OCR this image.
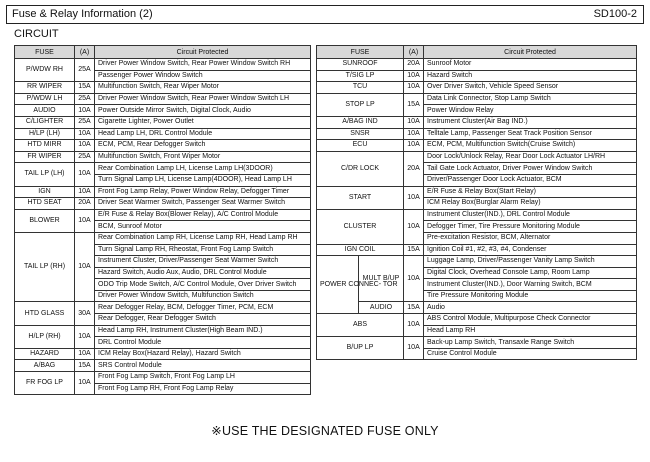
Fuse & Relay Information (2)	SD100-2
CIRCUIT
FUSE	(A)	Circuit Protected
P/WDW RH	25A	Driver Power Window Switch, Rear Power Window Switch RH
		Passenger Power Window Switch
RR WIPER	15A	Multifunction Switch, Rear Wiper Motor
P/WDW LH	25A	Driver Power Window Switch, Rear Power Window Switch LH
AUDIO	10A	Power Outside Mirror Switch, Digital Clock, Audio
C/LIGHTER	25A	Cigarette Lighter, Power Outlet
H/LP (LH)	10A	Head Lamp LH, DRL Control Module
HTD MIRR	10A	ECM, PCM, Rear Defogger Switch
FR WIPER	25A	Multifunction Switch, Front Wiper Motor
TAIL LP (LH)	10A	Rear Combination Lamp LH, License Lamp LH(3DOOR)
		Turn Signal Lamp LH, License Lamp(4DOOR), Head Lamp LH
IGN	10A	Front Fog Lamp Relay, Power Window Relay, Defogger Timer
HTD SEAT	20A	Driver Seat Warmer Switch, Passenger Seat Warmer Switch
BLOWER	10A	E/R Fuse & Relay Box(Blower Relay), A/C Control Module
		BCM, Sunroof Motor
TAIL LP (RH)	10A	Rear Combination Lamp RH, License Lamp RH, Head Lamp RH
		Turn Signal Lamp RH, Rheostat, Front Fog Lamp Switch
		Instrument Cluster, Driver/Passenger Seat Warmer Switch
		Hazard Switch, Audio Aux, Audio, DRL Control Module
		ODO Trip Mode Switch, A/C Control Module, Over Driver Switch
		Driver Power Window Switch, Multifunction Switch
HTD GLASS	30A	Rear Defogger Relay, BCM, Defogger Timer, PCM, ECM
		Rear Defogger, Rear Defogger Switch
H/LP (RH)	10A	Head Lamp RH, Instrument Cluster(High Beam IND.)
		DRL Control Module
HAZARD	10A	ICM Relay Box(Hazard Relay), Hazard Switch
A/BAG	15A	SRS Control Module
FR FOG LP	10A	Front Fog Lamp Switch, Front Fog Lamp LH
		Front Fog Lamp RH, Front Fog Lamp Relay
FUSE		(A)	Circuit Protected
SUNROOF		20A	Sunroof Motor
T/SIG LP		10A	Hazard Switch
TCU		10A	Over Driver Switch, Vehicle Speed Sensor
STOP LP		15A	Data Link Connector, Stop Lamp Switch
			Power Window Relay
A/BAG IND		10A	Instrument Cluster(Air Bag IND.)
SNSR		10A	Telltale Lamp, Passenger Seat Track Position Sensor
ECU		10A	ECM, PCM, Multifunction Switch(Cruise Switch)
C/DR LOCK		20A	Door Lock/Unlock Relay, Rear Door Lock Actuator LH/RH
			Tail Gate Lock Actuator, Driver Power Window Switch
			Driver/Passenger Door Lock Actuator, BCM
START		10A	E/R Fuse & Relay Box(Start Relay)
			ICM Relay Box(Burglar Alarm Relay)
CLUSTER		10A	Instrument Cluster(IND.), DRL Control Module
			Defogger Timer, Tire Pressure Monitoring Module
			Pre-excitation Resistor, BCM, Alternator
IGN COIL		15A	Ignition Coil #1, #2, #3, #4, Condenser
POWER CONNEC- TOR	MULT B/UP	10A	Luggage Lamp, Driver/Passenger Vanity Lamp Switch
			Digital Clock, Overhead Console Lamp, Room Lamp
			Instrument Cluster(IND.), Door Warning Switch, BCM
			Tire Pressure Monitoring Module
	AUDIO	15A	Audio
ABS		10A	ABS Control Module, Multipurpose Check Connector
			Head Lamp RH
B/UP LP		10A	Back-up Lamp Switch, Transaxle Range Switch
			Cruise Control Module
※USE THE DESIGNATED FUSE ONLY
